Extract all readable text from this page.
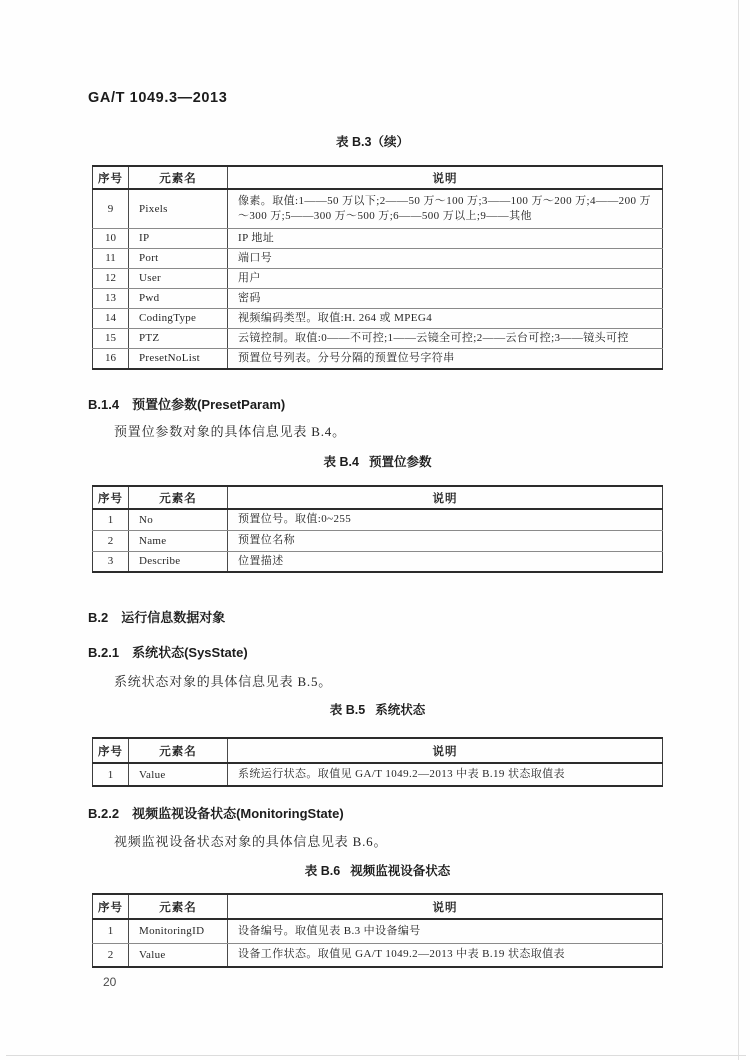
GA/T 1049.3—2013
表 B.3（续）
序号	元素名	说明
9	Pixels	像素。取值:1——50 万以下;2——50 万～100 万;3——100 万～200 万;4——200 万～300 万;5——300 万～500 万;6——500 万以上;9——其他
10	IP	IP 地址
11	Port	端口号
12	User	用户
13	Pwd	密码
14	CodingType	视频编码类型。取值:H. 264 或 MPEG4
15	PTZ	云镜控制。取值:0——不可控;1——云镜全可控;2——云台可控;3——镜头可控
16	PresetNoList	预置位号列表。分号分隔的预置位号字符串
B.1.4 预置位参数(PresetParam)
预置位参数对象的具体信息见表 B.4。
表 B.4 预置位参数
序号	元素名	说明
1	No	预置位号。取值:0~255
2	Name	预置位名称
3	Describe	位置描述
B.2 运行信息数据对象
B.2.1 系统状态(SysState)
系统状态对象的具体信息见表 B.5。
表 B.5 系统状态
序号	元素名	说明
1	Value	系统运行状态。取值见 GA/T 1049.2—2013 中表 B.19 状态取值表
B.2.2 视频监视设备状态(MonitoringState)
视频监视设备状态对象的具体信息见表 B.6。
表 B.6 视频监视设备状态
序号	元素名	说明
1	MonitoringID	设备编号。取值见表 B.3 中设备编号
2	Value	设备工作状态。取值见 GA/T 1049.2—2013 中表 B.19 状态取值表
20
